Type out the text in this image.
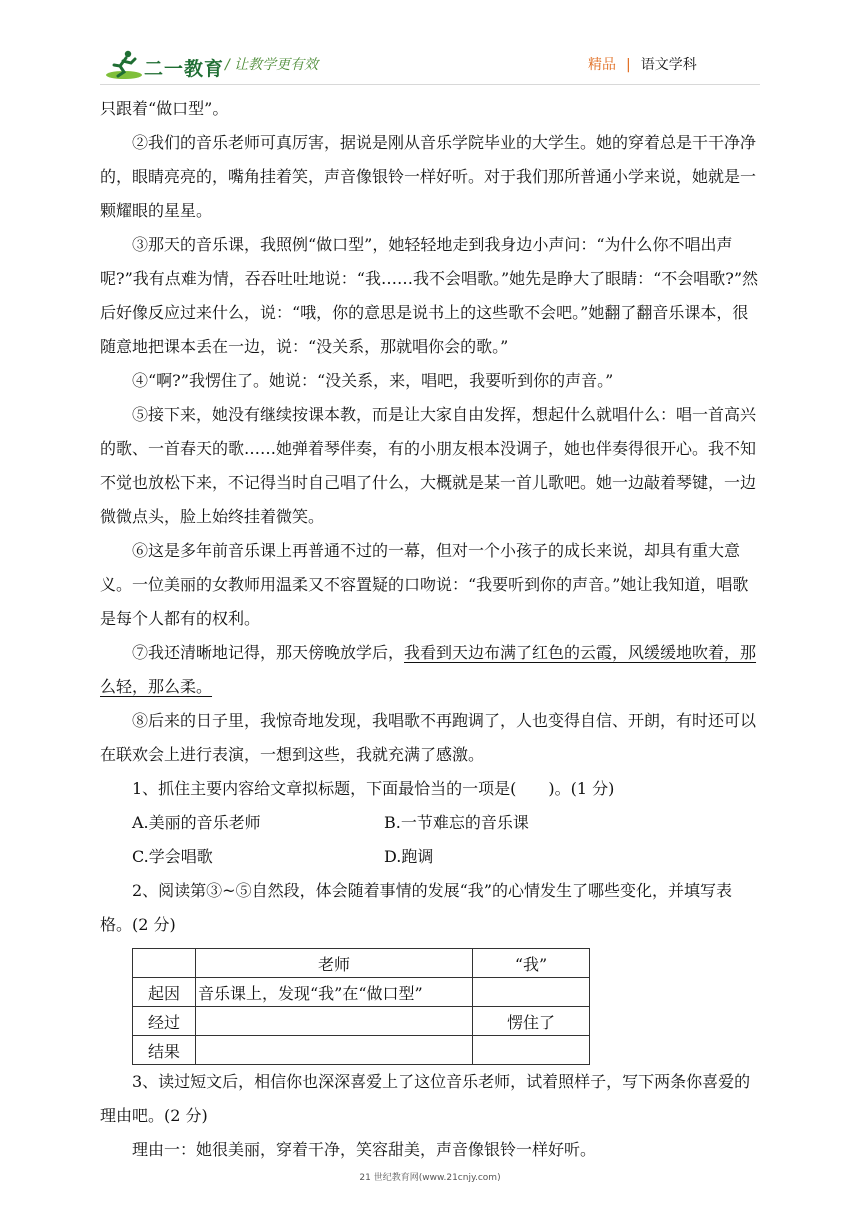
二一教育 / 让教学更有效	精品 | 语文学科

只跟着“做口型”。

②我们的音乐老师可真厉害，据说是刚从音乐学院毕业的大学生。她的穿着总是干干净净的，眼睛亮亮的，嘴角挂着笑，声音像银铃一样好听。对于我们那所普通小学来说，她就是一颗耀眼的星星。

③那天的音乐课，我照例“做口型”，她轻轻地走到我身边小声问：“为什么你不唱出声呢?”我有点难为情，吞吞吐吐地说：“我……我不会唱歌。”她先是睁大了眼睛：“不会唱歌?”然后好像反应过来什么，说：“哦，你的意思是说书上的这些歌不会吧。”她翻了翻音乐课本，很随意地把课本丢在一边，说：“没关系，那就唱你会的歌。”

④“啊?”我愣住了。她说：“没关系，来，唱吧，我要听到你的声音。”

⑤接下来，她没有继续按课本教，而是让大家自由发挥，想起什么就唱什么：唱一首高兴的歌、一首春天的歌……她弹着琴伴奏，有的小朋友根本没调子，她也伴奏得很开心。我不知不觉也放松下来，不记得当时自己唱了什么，大概就是某一首儿歌吧。她一边敲着琴键，一边微微点头，脸上始终挂着微笑。

⑥这是多年前音乐课上再普通不过的一幕，但对一个小孩子的成长来说，却具有重大意义。一位美丽的女教师用温柔又不容置疑的口吻说：“我要听到你的声音。”她让我知道，唱歌是每个人都有的权利。

⑦我还清晰地记得，那天傍晚放学后，我看到天边布满了红色的云霞，风缓缓地吹着，那么轻，那么柔。

⑧后来的日子里，我惊奇地发现，我唱歌不再跑调了，人也变得自信、开朗，有时还可以在联欢会上进行表演，一想到这些，我就充满了感激。

1、抓住主要内容给文章拟标题，下面最恰当的一项是(　　)。(1 分)

A.美丽的音乐老师	B.一节难忘的音乐课
C.学会唱歌	D.跑调

2、阅读第③~⑤自然段，体会随着事情的发展“我”的心情发生了哪些变化，并填写表格。(2 分)

	老师	“我”
起因	音乐课上，发现“我”在“做口型”	
经过		愣住了
结果		

3、读过短文后，相信你也深深喜爱上了这位音乐老师，试着照样子，写下两条你喜爱的理由吧。(2 分)

理由一：她很美丽，穿着干净，笑容甜美，声音像银铃一样好听。

21 世纪教育网(www.21cnjy.com)
